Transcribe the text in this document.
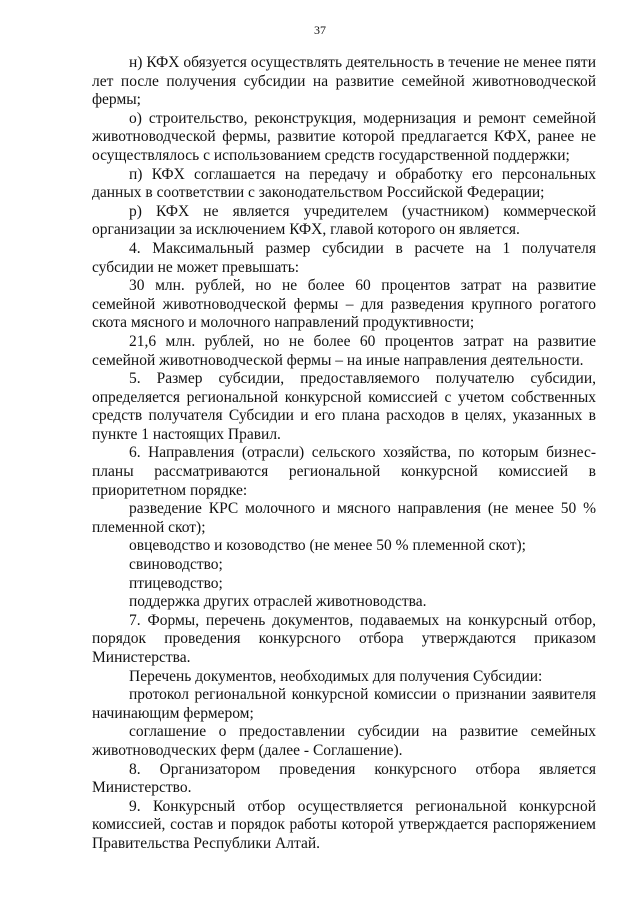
37

н) КФХ обязуется осуществлять деятельность в течение не менее пяти лет после получения субсидии на развитие семейной животноводческой фермы;

о) строительство, реконструкция, модернизация и ремонт семейной животноводческой фермы, развитие которой предлагается КФХ, ранее не осуществлялось с использованием средств государственной поддержки;

п) КФХ соглашается на передачу и обработку его персональных данных в соответствии с законодательством Российской Федерации;

р) КФХ не является учредителем (участником) коммерческой организации за исключением КФХ, главой которого он является.

4. Максимальный размер субсидии в расчете на 1 получателя субсидии не может превышать:

30 млн. рублей, но не более 60 процентов затрат на развитие семейной животноводческой фермы – для разведения крупного рогатого скота мясного и молочного направлений продуктивности;

21,6 млн. рублей, но не более 60 процентов затрат на развитие семейной животноводческой фермы – на иные направления деятельности.

5. Размер субсидии, предоставляемого получателю субсидии, определяется региональной конкурсной комиссией с учетом собственных средств получателя Субсидии и его плана расходов в целях, указанных в пункте 1 настоящих Правил.

6. Направления (отрасли) сельского хозяйства, по которым бизнес-планы рассматриваются региональной конкурсной комиссией в приоритетном порядке:

разведение КРС молочного и мясного направления (не менее 50 % племенной скот);

овцеводство и козоводство (не менее 50 % племенной скот);

свиноводство;

птицеводство;

поддержка других отраслей животноводства.

7. Формы, перечень документов, подаваемых на конкурсный отбор, порядок проведения конкурсного отбора утверждаются приказом Министерства.

Перечень документов, необходимых для получения Субсидии:

протокол региональной конкурсной комиссии о признании заявителя начинающим фермером;

соглашение о предоставлении субсидии на развитие семейных животноводческих ферм (далее - Соглашение).

8. Организатором проведения конкурсного отбора является Министерство.

9. Конкурсный отбор осуществляется региональной конкурсной комиссией, состав и порядок работы которой утверждается распоряжением Правительства Республики Алтай.
